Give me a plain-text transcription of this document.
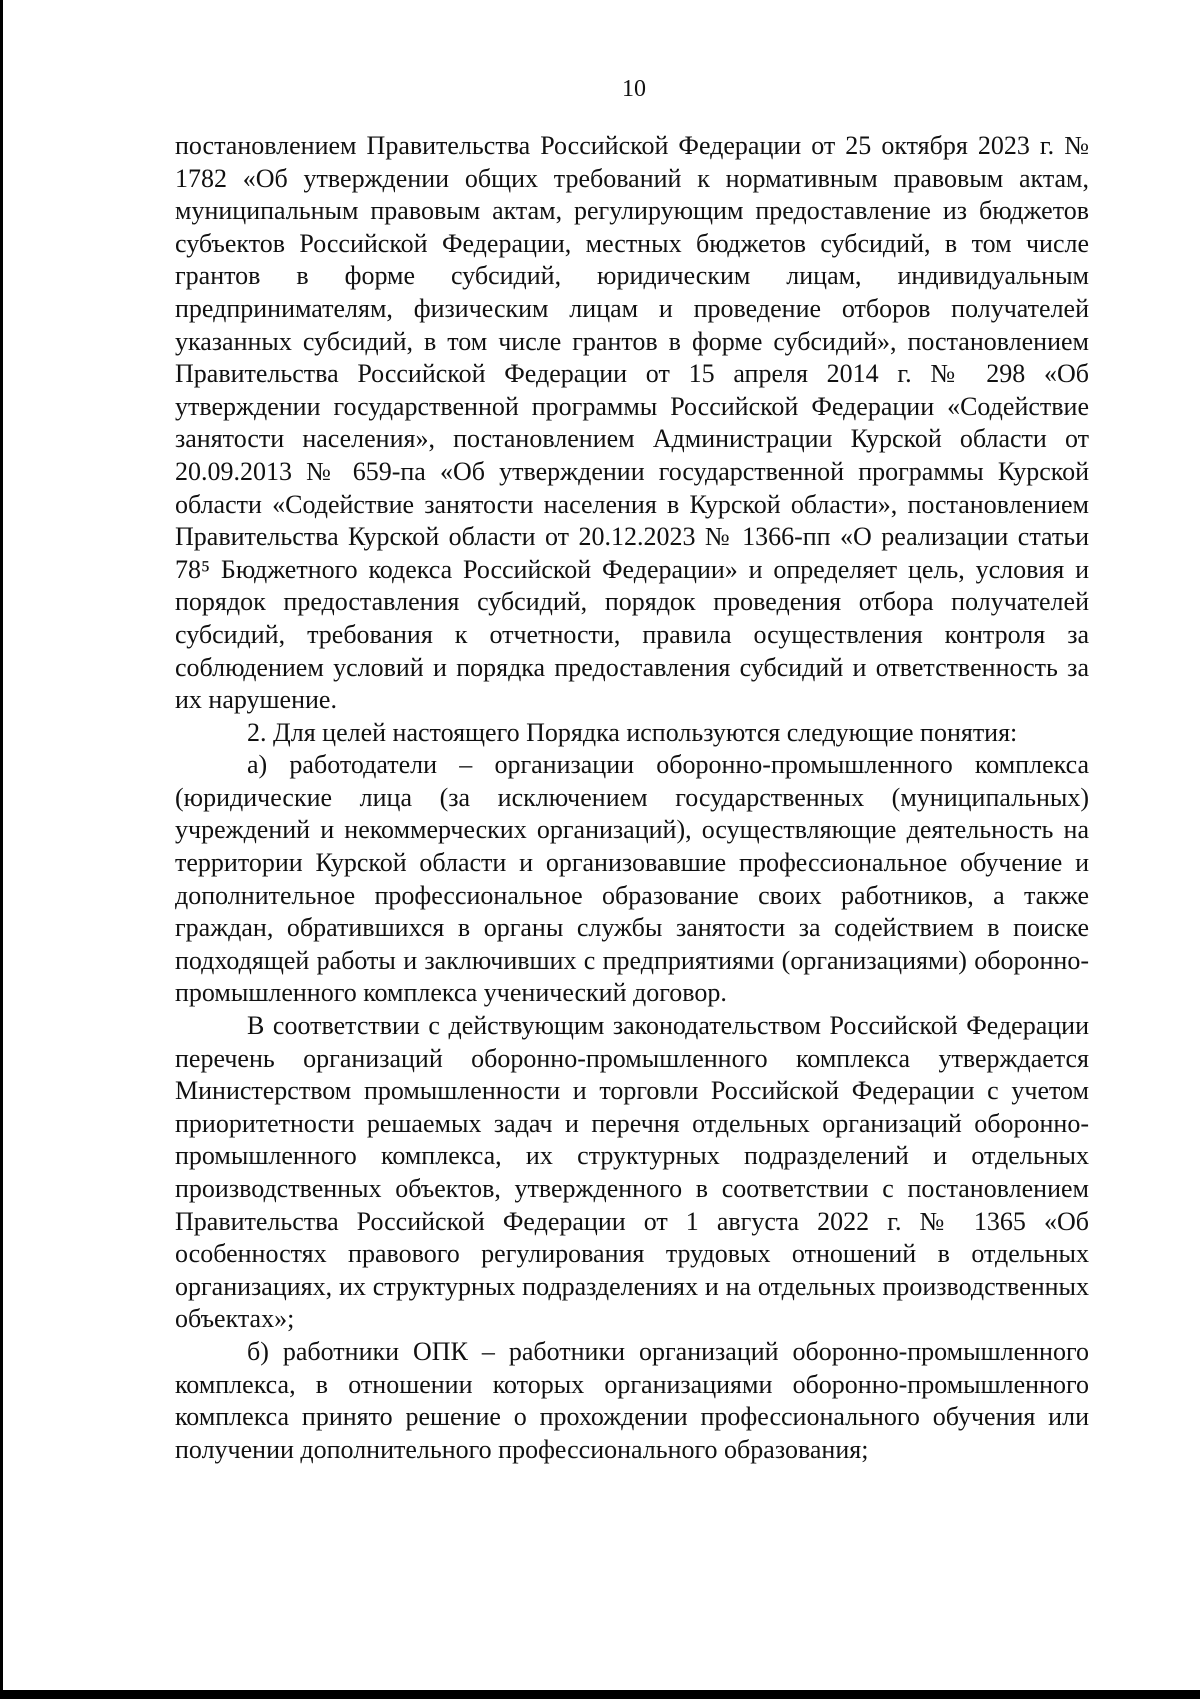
10

постановлением Правительства Российской Федерации от 25 октября 2023 г. № 1782 «Об утверждении общих требований к нормативным правовым актам, муниципальным правовым актам, регулирующим предоставление из бюджетов субъектов Российской Федерации, местных бюджетов субсидий, в том числе грантов в форме субсидий, юридическим лицам, индивидуальным предпринимателям, физическим лицам и проведение отборов получателей указанных субсидий, в том числе грантов в форме субсидий», постановлением Правительства Российской Федерации от 15 апреля 2014 г. № 298 «Об утверждении государственной программы Российской Федерации «Содействие занятости населения», постановлением Администрации Курской области от 20.09.2013 № 659-па «Об утверждении государственной программы Курской области «Содействие занятости населения в Курской области», постановлением Правительства Курской области от 20.12.2023 № 1366-пп «О реализации статьи 78⁵ Бюджетного кодекса Российской Федерации» и определяет цель, условия и порядок предоставления субсидий, порядок проведения отбора получателей субсидий, требования к отчетности, правила осуществления контроля за соблюдением условий и порядка предоставления субсидий и ответственность за их нарушение.

2. Для целей настоящего Порядка используются следующие понятия:

а) работодатели – организации оборонно-промышленного комплекса (юридические лица (за исключением государственных (муниципальных) учреждений и некоммерческих организаций), осуществляющие деятельность на территории Курской области и организовавшие профессиональное обучение и дополнительное профессиональное образование своих работников, а также граждан, обратившихся в органы службы занятости за содействием в поиске подходящей работы и заключивших с предприятиями (организациями) оборонно-промышленного комплекса ученический договор.

В соответствии с действующим законодательством Российской Федерации перечень организаций оборонно-промышленного комплекса утверждается Министерством промышленности и торговли Российской Федерации с учетом приоритетности решаемых задач и перечня отдельных организаций оборонно-промышленного комплекса, их структурных подразделений и отдельных производственных объектов, утвержденного в соответствии с постановлением Правительства Российской Федерации от 1 августа 2022 г. № 1365 «Об особенностях правового регулирования трудовых отношений в отдельных организациях, их структурных подразделениях и на отдельных производственных объектах»;

б) работники ОПК – работники организаций оборонно-промышленного комплекса, в отношении которых организациями оборонно-промышленного комплекса принято решение о прохождении профессионального обучения или получении дополнительного профессионального образования;
